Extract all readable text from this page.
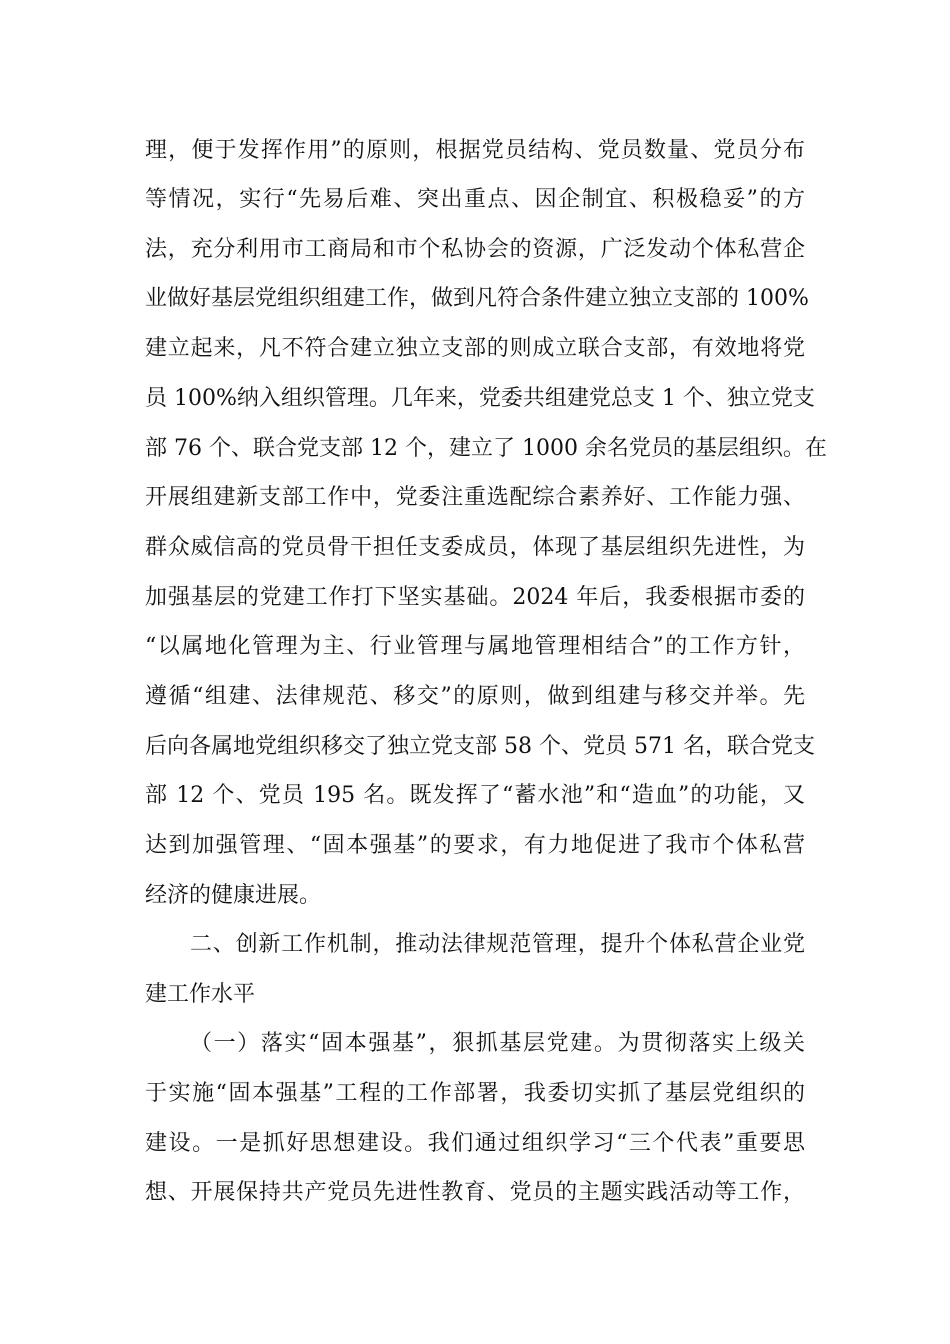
理，便于发挥作用”的原则，根据党员结构、党员数量、党员分布
等情况，实行“先易后难、突出重点、因企制宜、积极稳妥”的方
法，充分利用市工商局和市个私协会的资源，广泛发动个体私营企
业做好基层党组织组建工作，做到凡符合条件建立独立支部的 100%
建立起来，凡不符合建立独立支部的则成立联合支部，有效地将党
员 100%纳入组织管理。几年来，党委共组建党总支 1 个、独立党支
部 76 个、联合党支部 12 个，建立了 1000 余名党员的基层组织。在
开展组建新支部工作中，党委注重选配综合素养好、工作能力强、
群众威信高的党员骨干担任支委成员，体现了基层组织先进性，为
加强基层的党建工作打下坚实基础。2024 年后，我委根据市委的
“以属地化管理为主、行业管理与属地管理相结合”的工作方针，
遵循“组建、法律规范、移交”的原则，做到组建与移交并举。先
后向各属地党组织移交了独立党支部 58 个、党员 571 名，联合党支
部 12 个、党员 195 名。既发挥了“蓄水池”和“造血”的功能，又
达到加强管理、“固本强基”的要求，有力地促进了我市个体私营
经济的健康进展。
二、创新工作机制，推动法律规范管理，提升个体私营企业党
建工作水平
（一）落实“固本强基”，狠抓基层党建。为贯彻落实上级关
于实施“固本强基”工程的工作部署，我委切实抓了基层党组织的
建设。一是抓好思想建设。我们通过组织学习“三个代表”重要思
想、开展保持共产党员先进性教育、党员的主题实践活动等工作，
